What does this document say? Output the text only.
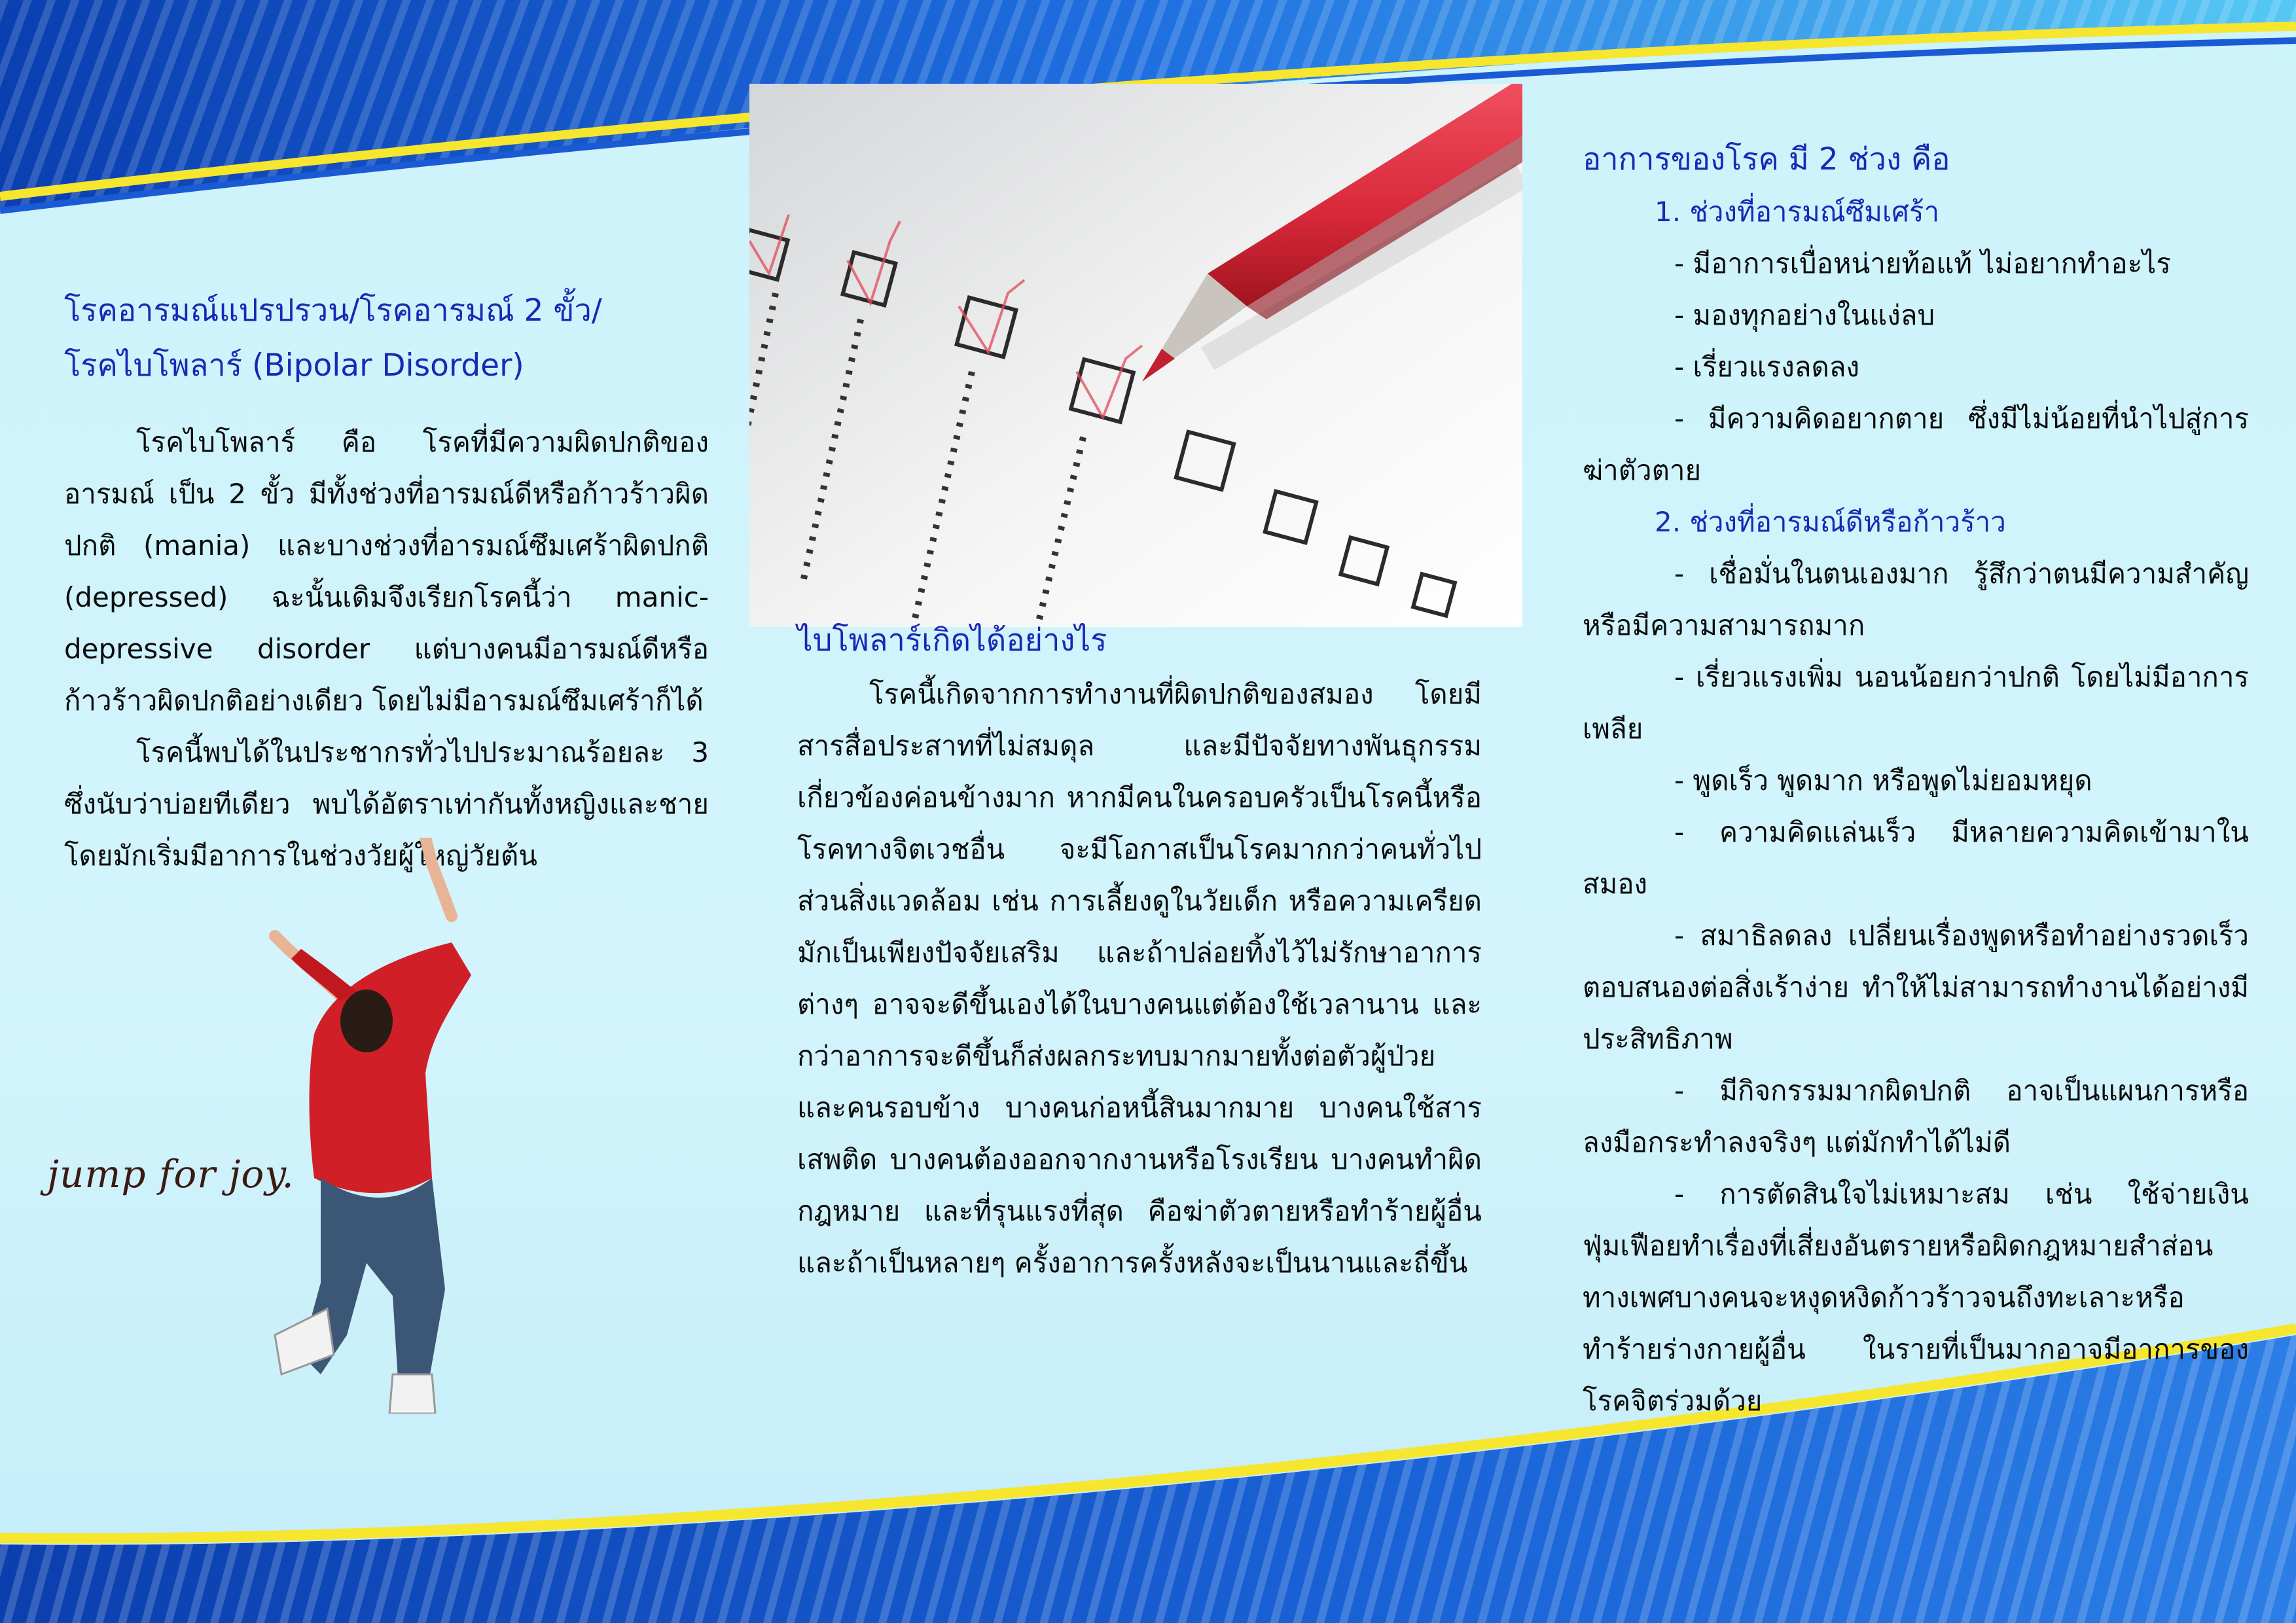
โรคอารมณ์แปรปรวน/โรคอารมณ์ 2 ขั้ว/
โรคไบโพลาร์ (Bipolar Disorder)

โรคไบโพลาร์ คือ โรคที่มีความผิดปกติของอารมณ์ เป็น 2 ขั้ว มีทั้งช่วงที่อารมณ์ดีหรือก้าวร้าวผิดปกติ (mania) และบางช่วงที่อารมณ์ซึมเศร้าผิดปกติ (depressed) ฉะนั้นเดิมจึงเรียกโรคนี้ว่า manic-depressive disorder แต่บางคนมีอารมณ์ดีหรือก้าวร้าวผิดปกติอย่างเดียว โดยไม่มีอารมณ์ซึมเศร้าก็ได้

โรคนี้พบได้ในประชากรทั่วไปประมาณร้อยละ 3 ซึ่งนับว่าบ่อยทีเดียว พบได้อัตราเท่ากันทั้งหญิงและชาย โดยมักเริ่มมีอาการในช่วงวัยผู้ใหญ่วัยต้น

jump for joy.
ไบโพลาร์เกิดได้อย่างไร

โรคนี้เกิดจากการทำงานที่ผิดปกติของสมอง โดยมีสารสื่อประสาทที่ไม่สมดุล และมีปัจจัยทางพันธุกรรมเกี่ยวข้องค่อนข้างมาก หากมีคนในครอบครัวเป็นโรคนี้หรือโรคทางจิตเวชอื่น จะมีโอกาสเป็นโรคมากกว่าคนทั่วไป ส่วนสิ่งแวดล้อม เช่น การเลี้ยงดูในวัยเด็ก หรือความเครียด มักเป็นเพียงปัจจัยเสริม และถ้าปล่อยทิ้งไว้ไม่รักษาอาการต่างๆ อาจจะดีขึ้นเองได้ในบางคนแต่ต้องใช้เวลานาน และกว่าอาการจะดีขึ้นก็ส่งผลกระทบมากมายทั้งต่อตัวผู้ป่วยและคนรอบข้าง บางคนก่อหนี้สินมากมาย บางคนใช้สารเสพติด บางคนต้องออกจากงานหรือโรงเรียน บางคนทำผิดกฎหมาย และที่รุนแรงที่สุด คือฆ่าตัวตายหรือทำร้ายผู้อื่น และถ้าเป็นหลายๆ ครั้งอาการครั้งหลังจะเป็นนานและถี่ขึ้น

อาการของโรค มี 2 ช่วง คือ
1. ช่วงที่อารมณ์ซึมเศร้า

- มีอาการเบื่อหน่ายท้อแท้ ไม่อยากทำอะไร

- มองทุกอย่างในแง่ลบ

- เรี่ยวแรงลดลง

- มีความคิดอยากตาย ซึ่งมีไม่น้อยที่นำไปสู่การฆ่าตัวตาย

2. ช่วงที่อารมณ์ดีหรือก้าวร้าว

- เชื่อมั่นในตนเองมาก รู้สึกว่าตนมีความสำคัญหรือมีความสามารถมาก

- เรี่ยวแรงเพิ่ม นอนน้อยกว่าปกติ โดยไม่มีอาการเพลีย

- พูดเร็ว พูดมาก หรือพูดไม่ยอมหยุด

- ความคิดแล่นเร็ว มีหลายความคิดเข้ามาในสมอง

- สมาธิลดลง เปลี่ยนเรื่องพูดหรือทำอย่างรวดเร็วตอบสนองต่อสิ่งเร้าง่าย ทำให้ไม่สามารถทำงานได้อย่างมีประสิทธิภาพ

- มีกิจกรรมมากผิดปกติ อาจเป็นแผนการหรือลงมือกระทำลงจริงๆ แต่มักทำได้ไม่ดี

- การตัดสินใจไม่เหมาะสม เช่น ใช้จ่ายเงินฟุ่มเฟือยทำเรื่องที่เสี่ยงอันตรายหรือผิดกฎหมายสำส่อนทางเพศบางคนจะหงุดหงิดก้าวร้าวจนถึงทะเลาะหรือทำร้ายร่างกายผู้อื่น ในรายที่เป็นมากอาจมีอาการของโรคจิตร่วมด้วย
